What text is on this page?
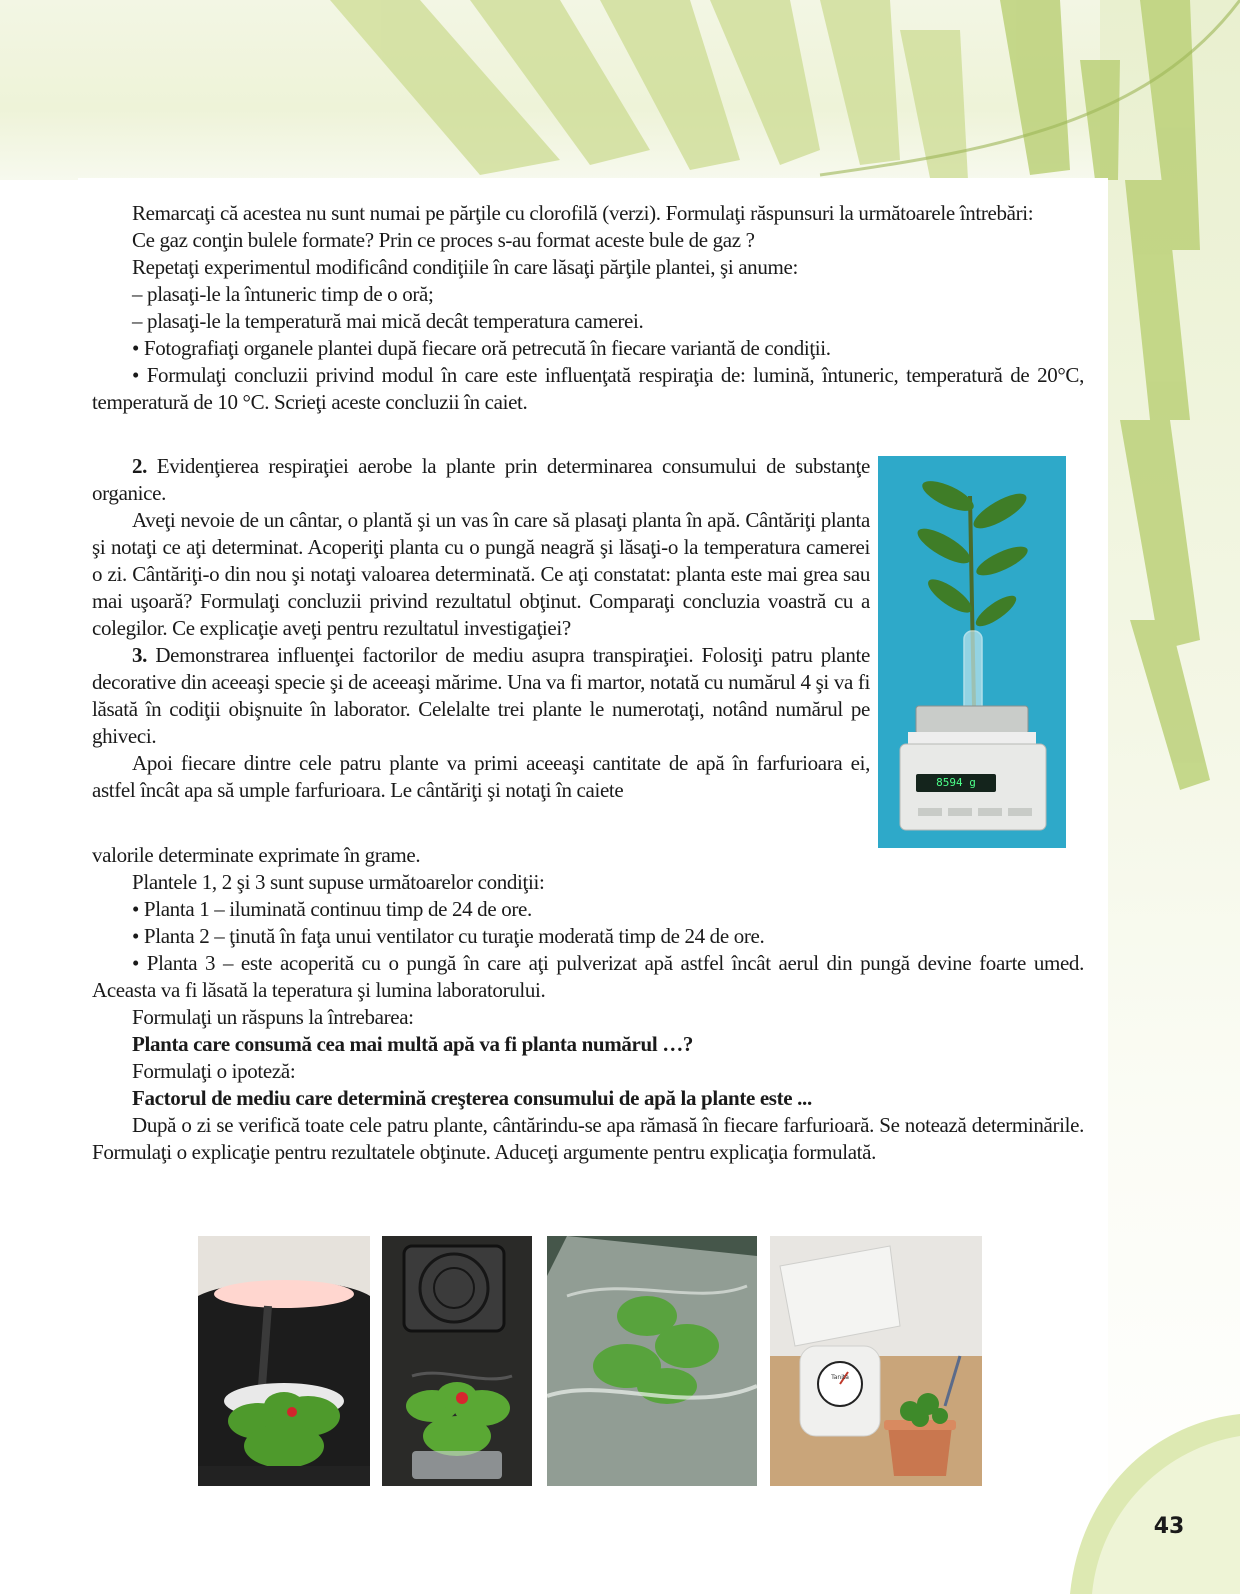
Remarcaţi că acestea nu sunt numai pe părţile cu clorofilă (verzi). Formulaţi răspunsuri la următoarele întrebări:

Ce gaz conţin bulele formate? Prin ce proces s-au format aceste bule de gaz ?

Repetaţi experimentul modificând condiţiile în care lăsaţi părţile plantei, şi anume:

– plasaţi-le la întuneric timp de o oră;

– plasaţi-le la temperatură mai mică decât temperatura camerei.

• Fotografiaţi organele plantei după fiecare oră petrecută în fiecare variantă de condiţii.

• Formulaţi concluzii privind modul în care este influenţată respiraţia de: lumină, întuneric, temperatură de 20°C, temperatură de 10 °C. Scrieţi aceste concluzii în caiet.

2. Evidenţierea respiraţiei aerobe la plante prin determinarea consumului de substanţe organice.

Aveţi nevoie de un cântar, o plantă şi un vas în care să plasaţi planta în apă. Cântăriţi planta şi notaţi ce aţi determinat. Acoperiţi planta cu o pungă neagră şi lăsaţi-o la temperatura camerei o zi. Cântăriţi-o din nou şi notaţi valoarea determinată. Ce aţi constatat: planta este mai grea sau mai uşoară? Formulaţi concluzii privind rezultatul obţinut. Comparaţi concluzia voastră cu a colegilor. Ce explicaţie aveţi pentru rezultatul investigaţiei?

3. Demonstrarea influenţei factorilor de mediu asupra transpiraţiei. Folosiţi patru plante decorative din aceeaşi specie şi de aceeaşi mărime. Una va fi martor, notată cu numărul 4 şi va fi lăsată în codiţii obişnuite în laborator. Celelalte trei plante le numerotaţi, notând numărul pe ghiveci.

Apoi fiecare dintre cele patru plante va primi aceeaşi cantitate de apă în farfurioara ei, astfel încât apa să umple farfurioara. Le cântăriţi şi notaţi în caiete

valorile determinate exprimate în grame.

Plantele 1, 2 şi 3 sunt supuse următoarelor condiţii:

• Planta 1 – iluminată continuu timp de 24 de ore.

• Planta 2 – ţinută în faţa unui ventilator cu turaţie moderată timp de 24 de ore.

• Planta 3 – este acoperită cu o pungă în care aţi pulverizat apă astfel încât aerul din pungă devine foarte umed. Aceasta va fi lăsată la teperatura şi lumina laboratorului.

Formulaţi un răspuns la întrebarea:

Planta care consumă cea mai multă apă va fi planta numărul …?

Formulaţi o ipoteză:

Factorul de mediu care determină creşterea consumului de apă la plante este ...

După o zi se verifică toate cele patru plante, cântărindu-se apa rămasă în fiecare farfurioară. Se notează determinările. Formulaţi o explicaţie pentru rezultatele obţinute. Aduceţi argumente pentru explicaţia formulată.

8594 g
Tanita
43
